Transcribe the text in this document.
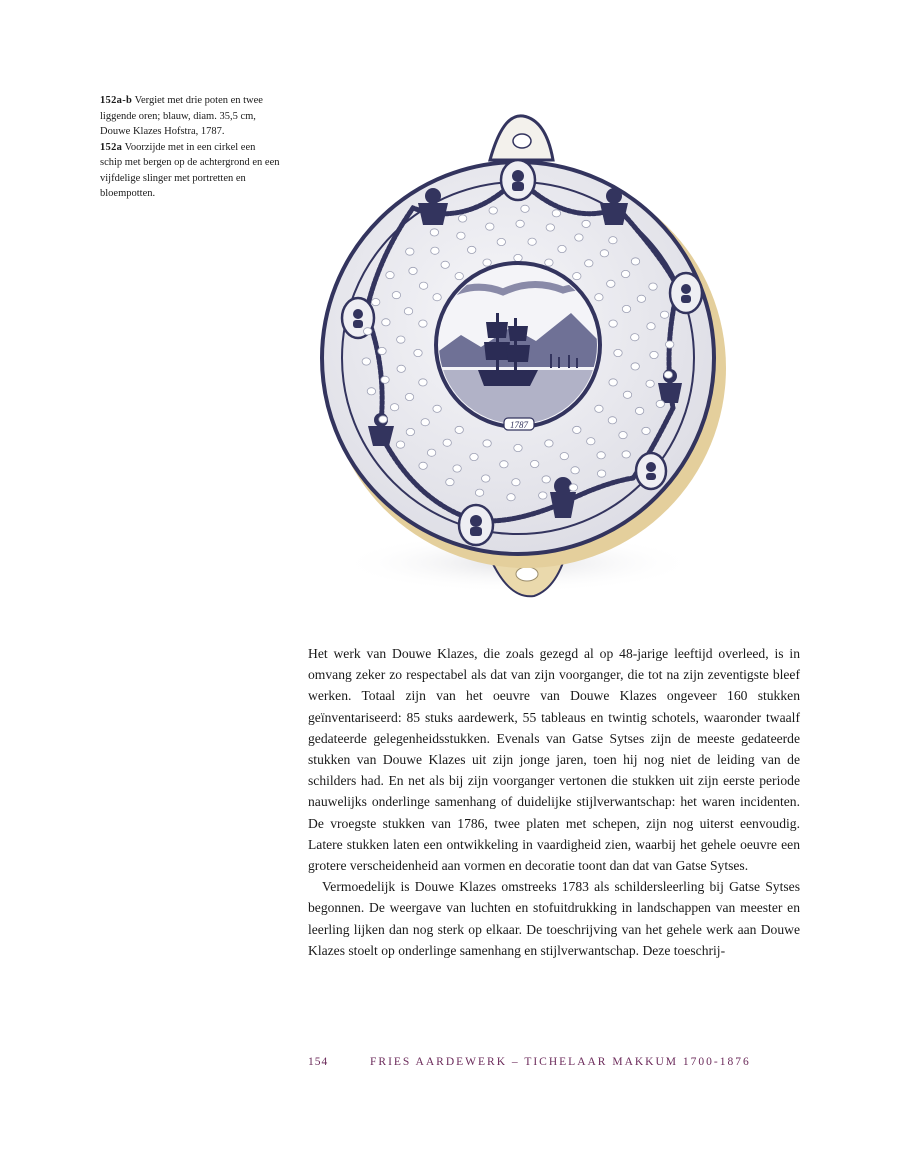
152a-b Vergiet met drie poten en twee liggende oren; blauw, diam. 35,5 cm, Douwe Klazes Hofstra, 1787.

152a Voorzijde met in een cirkel een schip met bergen op de achtergrond en een vijfdelige slinger met portretten en bloempotten.

1787

Het werk van Douwe Klazes, die zoals gezegd al op 48-jarige leeftijd overleed, is in omvang zeker zo respectabel als dat van zijn voorganger, die tot na zijn zeventigste bleef werken. Totaal zijn van het oeuvre van Douwe Klazes ongeveer 160 stukken geïnventariseerd: 85 stuks aardewerk, 55 tableaus en twintig schotels, waaronder twaalf gedateerde gelegenheidsstukken. Evenals van Gatse Sytses zijn de meeste gedateerde stukken van Douwe Klazes uit zijn jonge jaren, toen hij nog niet de leiding van de schilders had. En net als bij zijn voorganger vertonen die stukken uit zijn eerste periode nauwelijks onderlinge samenhang of duidelijke stijlverwantschap: het waren incidenten. De vroegste stukken van 1786, twee platen met schepen, zijn nog uiterst eenvoudig. Latere stukken laten een ontwikkeling in vaardigheid zien, waarbij het gehele oeuvre een grotere verscheidenheid aan vormen en decoratie toont dan dat van Gatse Sytses.

Vermoedelijk is Douwe Klazes omstreeks 1783 als schildersleerling bij Gatse Sytses begonnen. De weergave van luchten en stofuitdrukking in landschappen van meester en leerling lijken dan nog sterk op elkaar. De toeschrijving van het gehele werk aan Douwe Klazes stoelt op onderlinge samenhang en stijlverwantschap. Deze toeschrij-

154	FRIES AARDEWERK – TICHELAAR MAKKUM 1700-1876
